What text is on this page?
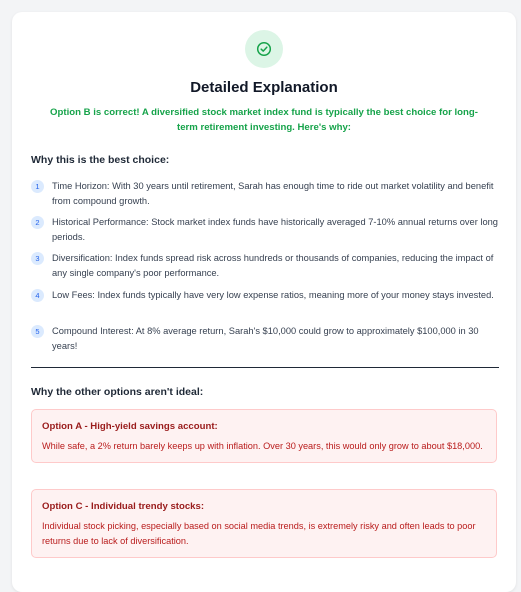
Detailed Explanation
Option B is correct! A diversified stock market index fund is typically the best choice for long-term retirement investing. Here's why:
Why this is the best choice:
1	Time Horizon: With 30 years until retirement, Sarah has enough time to ride out market volatility and benefit from compound growth.
2	Historical Performance: Stock market index funds have historically averaged 7-10% annual returns over long periods.
3	Diversification: Index funds spread risk across hundreds or thousands of companies, reducing the impact of any single company's poor performance.
4	Low Fees: Index funds typically have very low expense ratios, meaning more of your money stays invested.
5	Compound Interest: At 8% average return, Sarah's $10,000 could grow to approximately $100,000 in 30 years!
Why the other options aren't ideal:
Option A - High-yield savings account:
While safe, a 2% return barely keeps up with inflation. Over 30 years, this would only grow to about $18,000.
Option C - Individual trendy stocks:
Individual stock picking, especially based on social media trends, is extremely risky and often leads to poor returns due to lack of diversification.
